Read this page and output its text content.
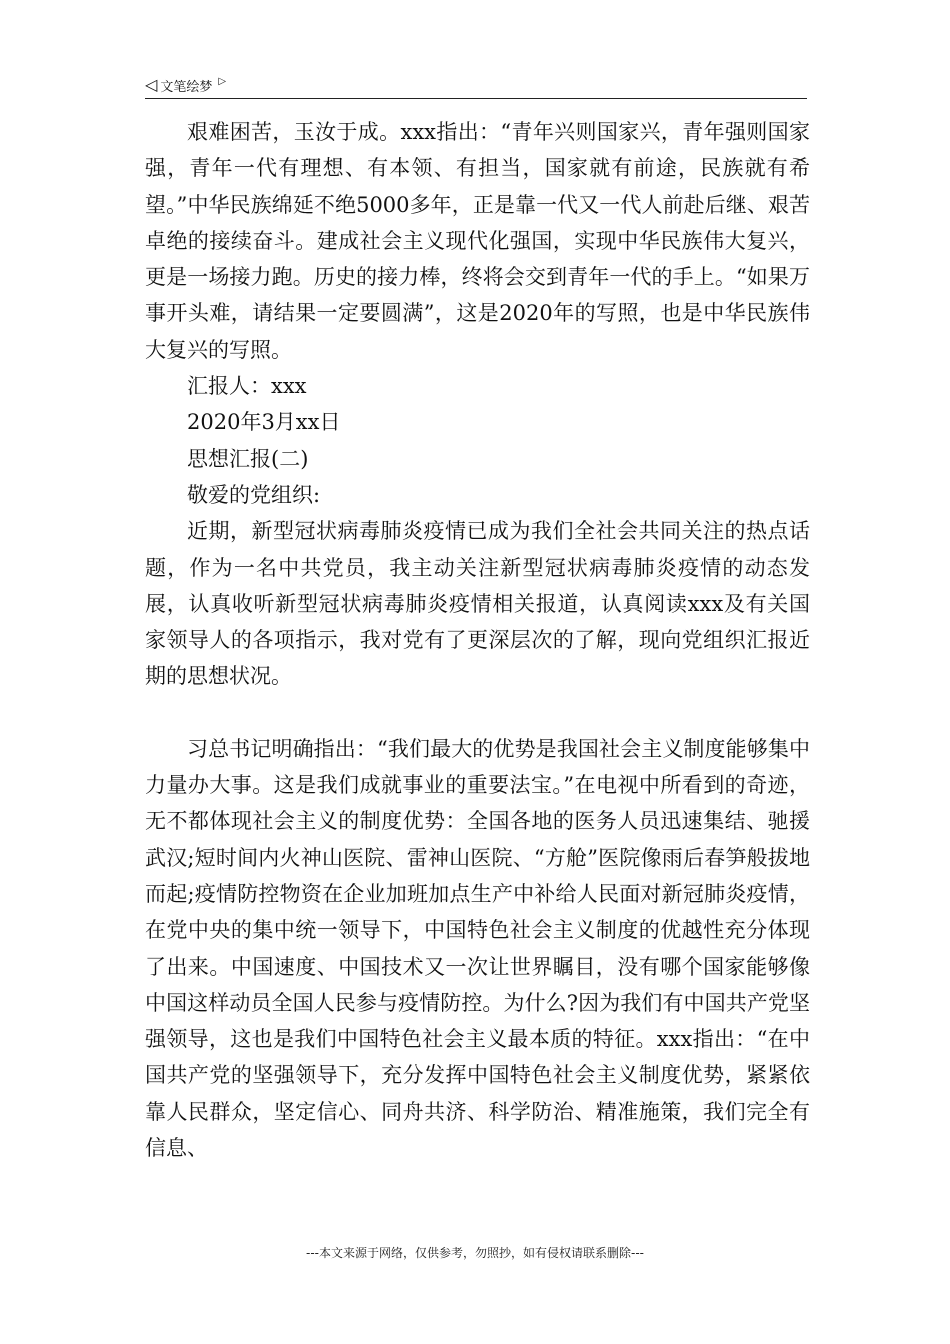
◁ 文笔绘梦 ▷

艰难困苦，玉汝于成。xxx指出：“青年兴则国家兴，青年强则国家强，青年一代有理想、有本领、有担当，国家就有前途，民族就有希望。”中华民族绵延不绝5000多年，正是靠一代又一代人前赴后继、艰苦卓绝的接续奋斗。建成社会主义现代化强国，实现中华民族伟大复兴，更是一场接力跑。历史的接力棒，终将会交到青年一代的手上。“如果万事开头难，请结果一定要圆满”，这是2020年的写照，也是中华民族伟大复兴的写照。

汇报人：xxx

2020年3月xx日

思想汇报(二)

敬爱的党组织:

近期，新型冠状病毒肺炎疫情已成为我们全社会共同关注的热点话题，作为一名中共党员，我主动关注新型冠状病毒肺炎疫情的动态发展，认真收听新型冠状病毒肺炎疫情相关报道，认真阅读xxx及有关国家领导人的各项指示，我对党有了更深层次的了解，现向党组织汇报近期的思想状况。

习总书记明确指出：“我们最大的优势是我国社会主义制度能够集中力量办大事。这是我们成就事业的重要法宝。”在电视中所看到的奇迹，无不都体现社会主义的制度优势：全国各地的医务人员迅速集结、驰援武汉;短时间内火神山医院、雷神山医院、“方舱”医院像雨后春笋般拔地而起;疫情防控物资在企业加班加点生产中补给人民面对新冠肺炎疫情，在党中央的集中统一领导下，中国特色社会主义制度的优越性充分体现了出来。中国速度、中国技术又一次让世界瞩目，没有哪个国家能够像中国这样动员全国人民参与疫情防控。为什么?因为我们有中国共产党坚强领导，这也是我们中国特色社会主义最本质的特征。xxx指出：“在中国共产党的坚强领导下，充分发挥中国特色社会主义制度优势，紧紧依靠人民群众，坚定信心、同舟共济、科学防治、精准施策，我们完全有信息、

---本文来源于网络，仅供参考，勿照抄，如有侵权请联系删除---
